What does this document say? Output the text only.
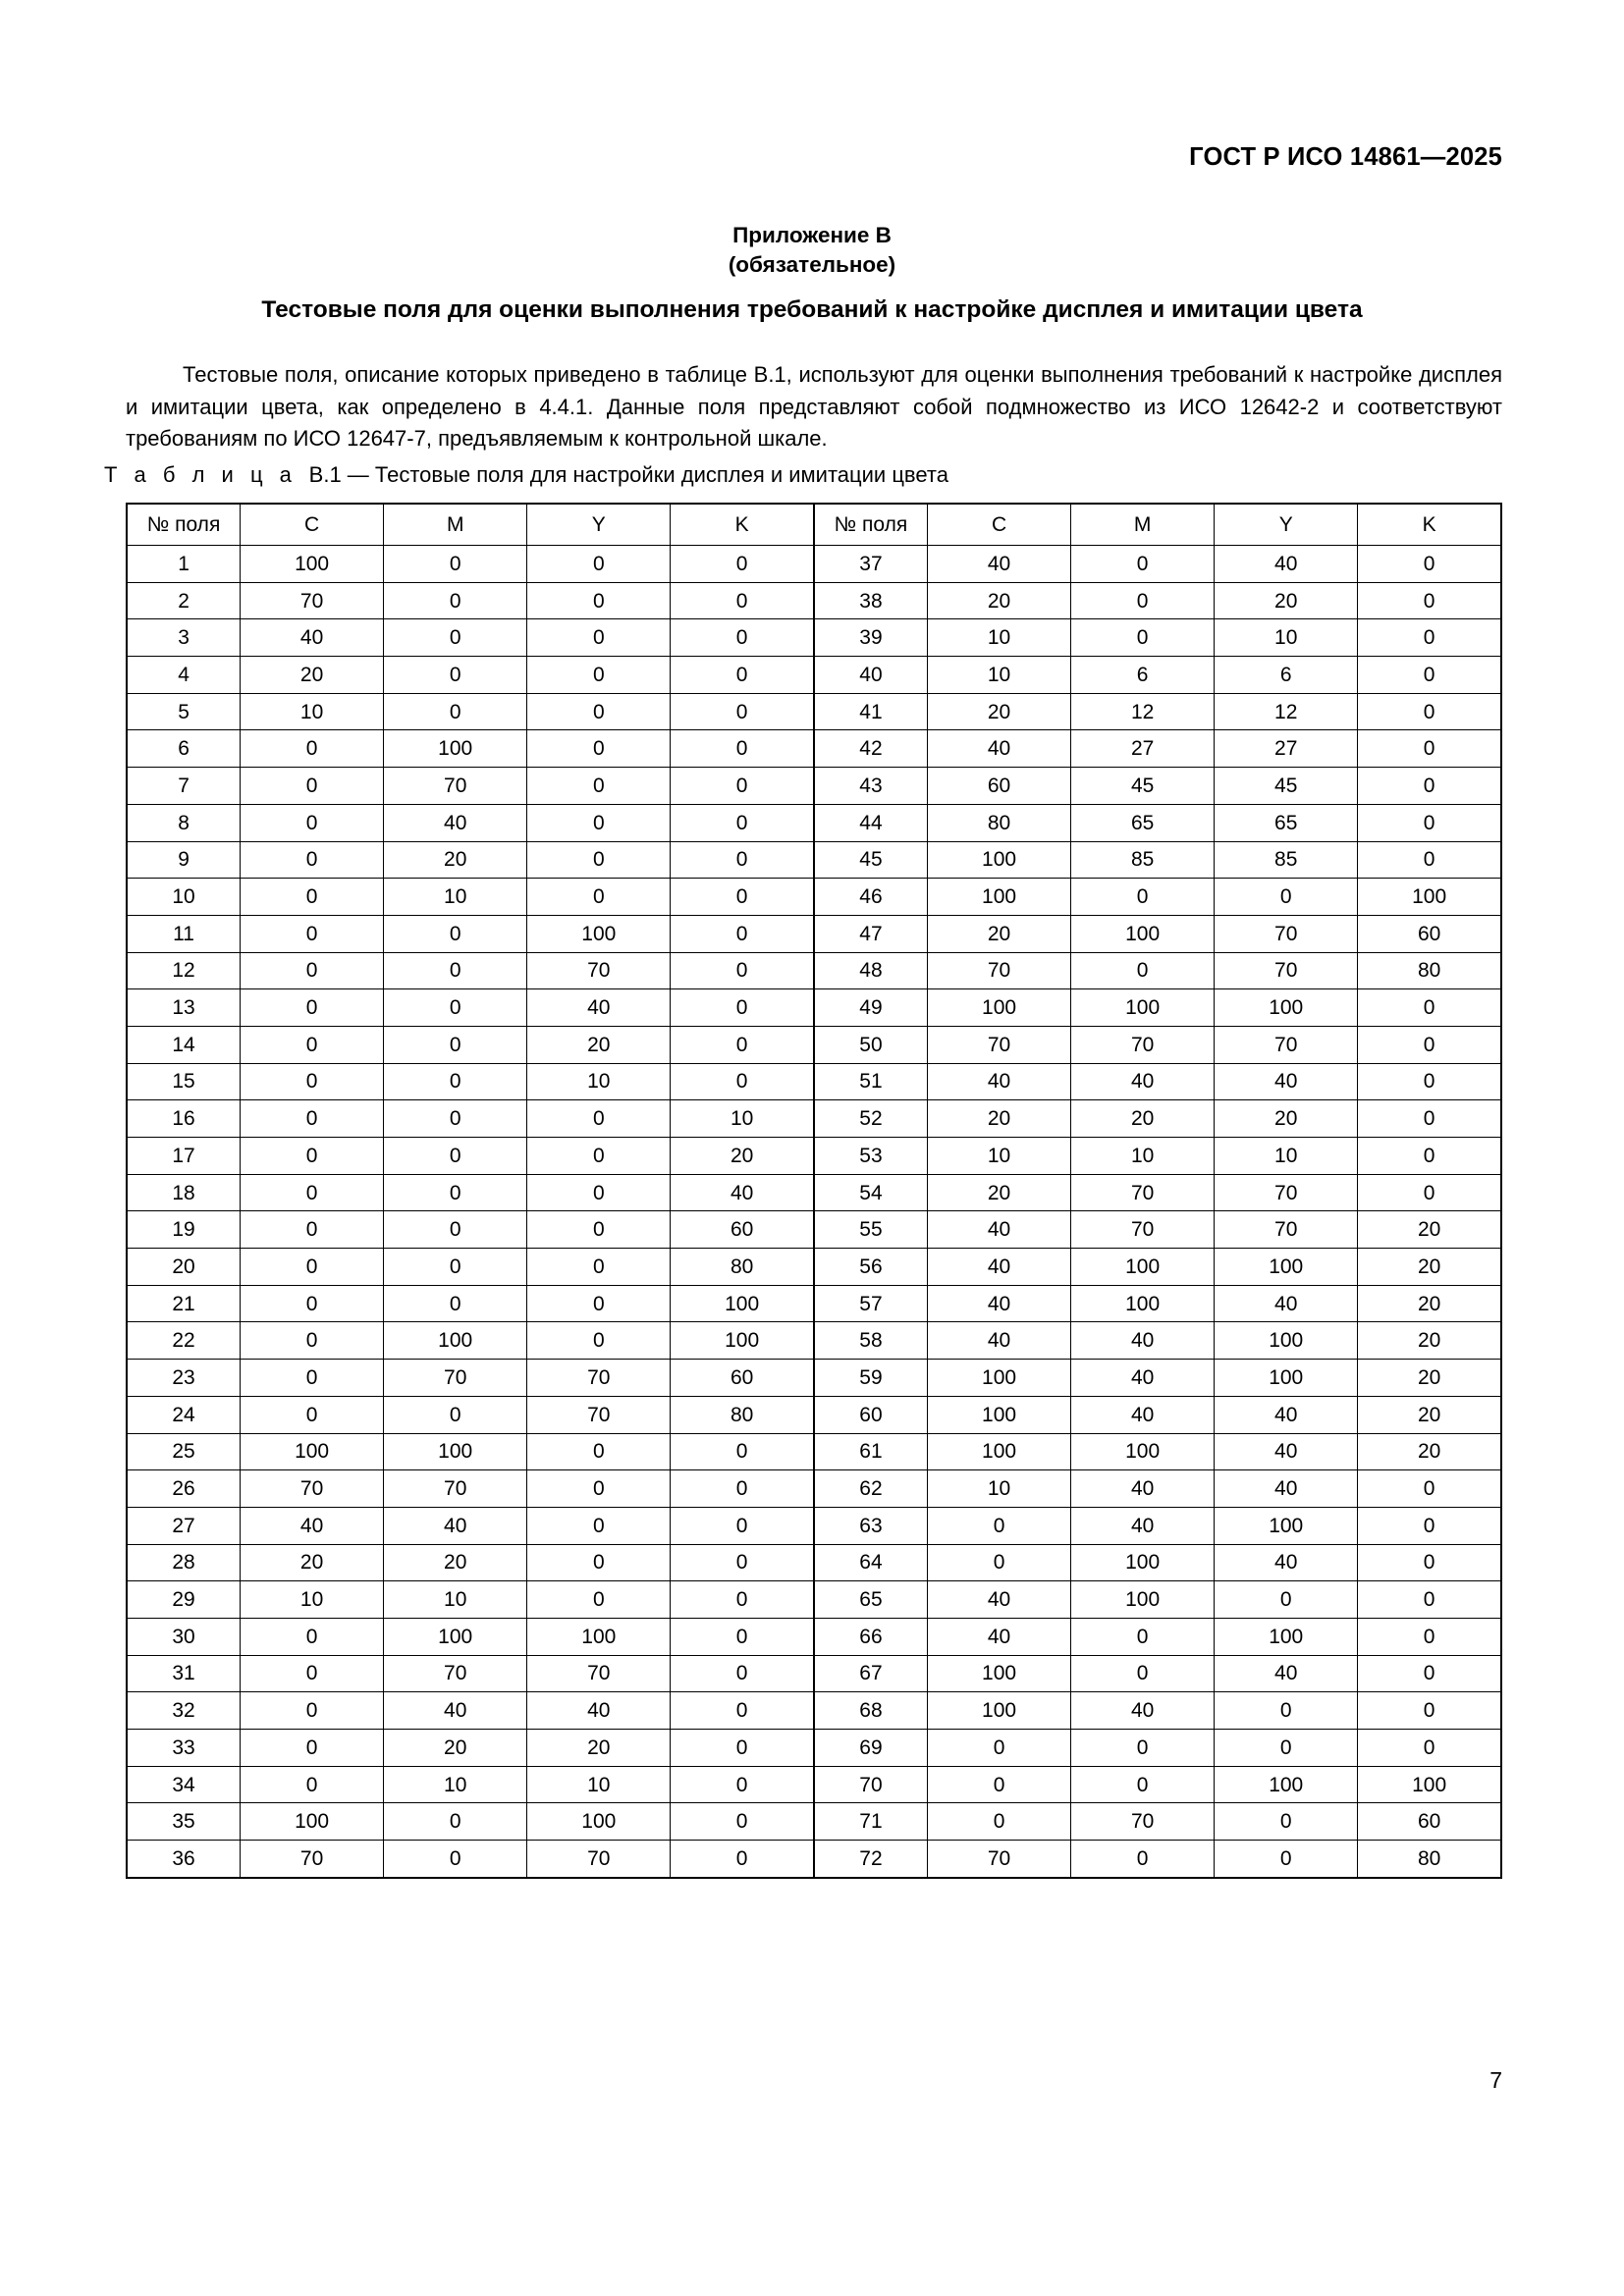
ГОСТ Р ИСО 14861—2025
Приложение В
(обязательное)
Тестовые поля для оценки выполнения требований к настройке дисплея и имитации цвета
Тестовые поля, описание которых приведено в таблице В.1, используют для оценки выполнения требований к настройке дисплея и имитации цвета, как определено в 4.4.1. Данные поля представляют собой подмножество из ИСО 12642-2 и соответствуют требованиям по ИСО 12647-7, предъявляемым к контрольной шкале.
Т а б л и ц а В.1 — Тестовые поля для настройки дисплея и имитации цвета
№ поля	C	M	Y	K	№ поля	C	M	Y	K
1	100	0	0	0	37	40	0	40	0
2	70	0	0	0	38	20	0	20	0
3	40	0	0	0	39	10	0	10	0
4	20	0	0	0	40	10	6	6	0
5	10	0	0	0	41	20	12	12	0
6	0	100	0	0	42	40	27	27	0
7	0	70	0	0	43	60	45	45	0
8	0	40	0	0	44	80	65	65	0
9	0	20	0	0	45	100	85	85	0
10	0	10	0	0	46	100	0	0	100
11	0	0	100	0	47	20	100	70	60
12	0	0	70	0	48	70	0	70	80
13	0	0	40	0	49	100	100	100	0
14	0	0	20	0	50	70	70	70	0
15	0	0	10	0	51	40	40	40	0
16	0	0	0	10	52	20	20	20	0
17	0	0	0	20	53	10	10	10	0
18	0	0	0	40	54	20	70	70	0
19	0	0	0	60	55	40	70	70	20
20	0	0	0	80	56	40	100	100	20
21	0	0	0	100	57	40	100	40	20
22	0	100	0	100	58	40	40	100	20
23	0	70	70	60	59	100	40	100	20
24	0	0	70	80	60	100	40	40	20
25	100	100	0	0	61	100	100	40	20
26	70	70	0	0	62	10	40	40	0
27	40	40	0	0	63	0	40	100	0
28	20	20	0	0	64	0	100	40	0
29	10	10	0	0	65	40	100	0	0
30	0	100	100	0	66	40	0	100	0
31	0	70	70	0	67	100	0	40	0
32	0	40	40	0	68	100	40	0	0
33	0	20	20	0	69	0	0	0	0
34	0	10	10	0	70	0	0	100	100
35	100	0	100	0	71	0	70	0	60
36	70	0	70	0	72	70	0	0	80
7
